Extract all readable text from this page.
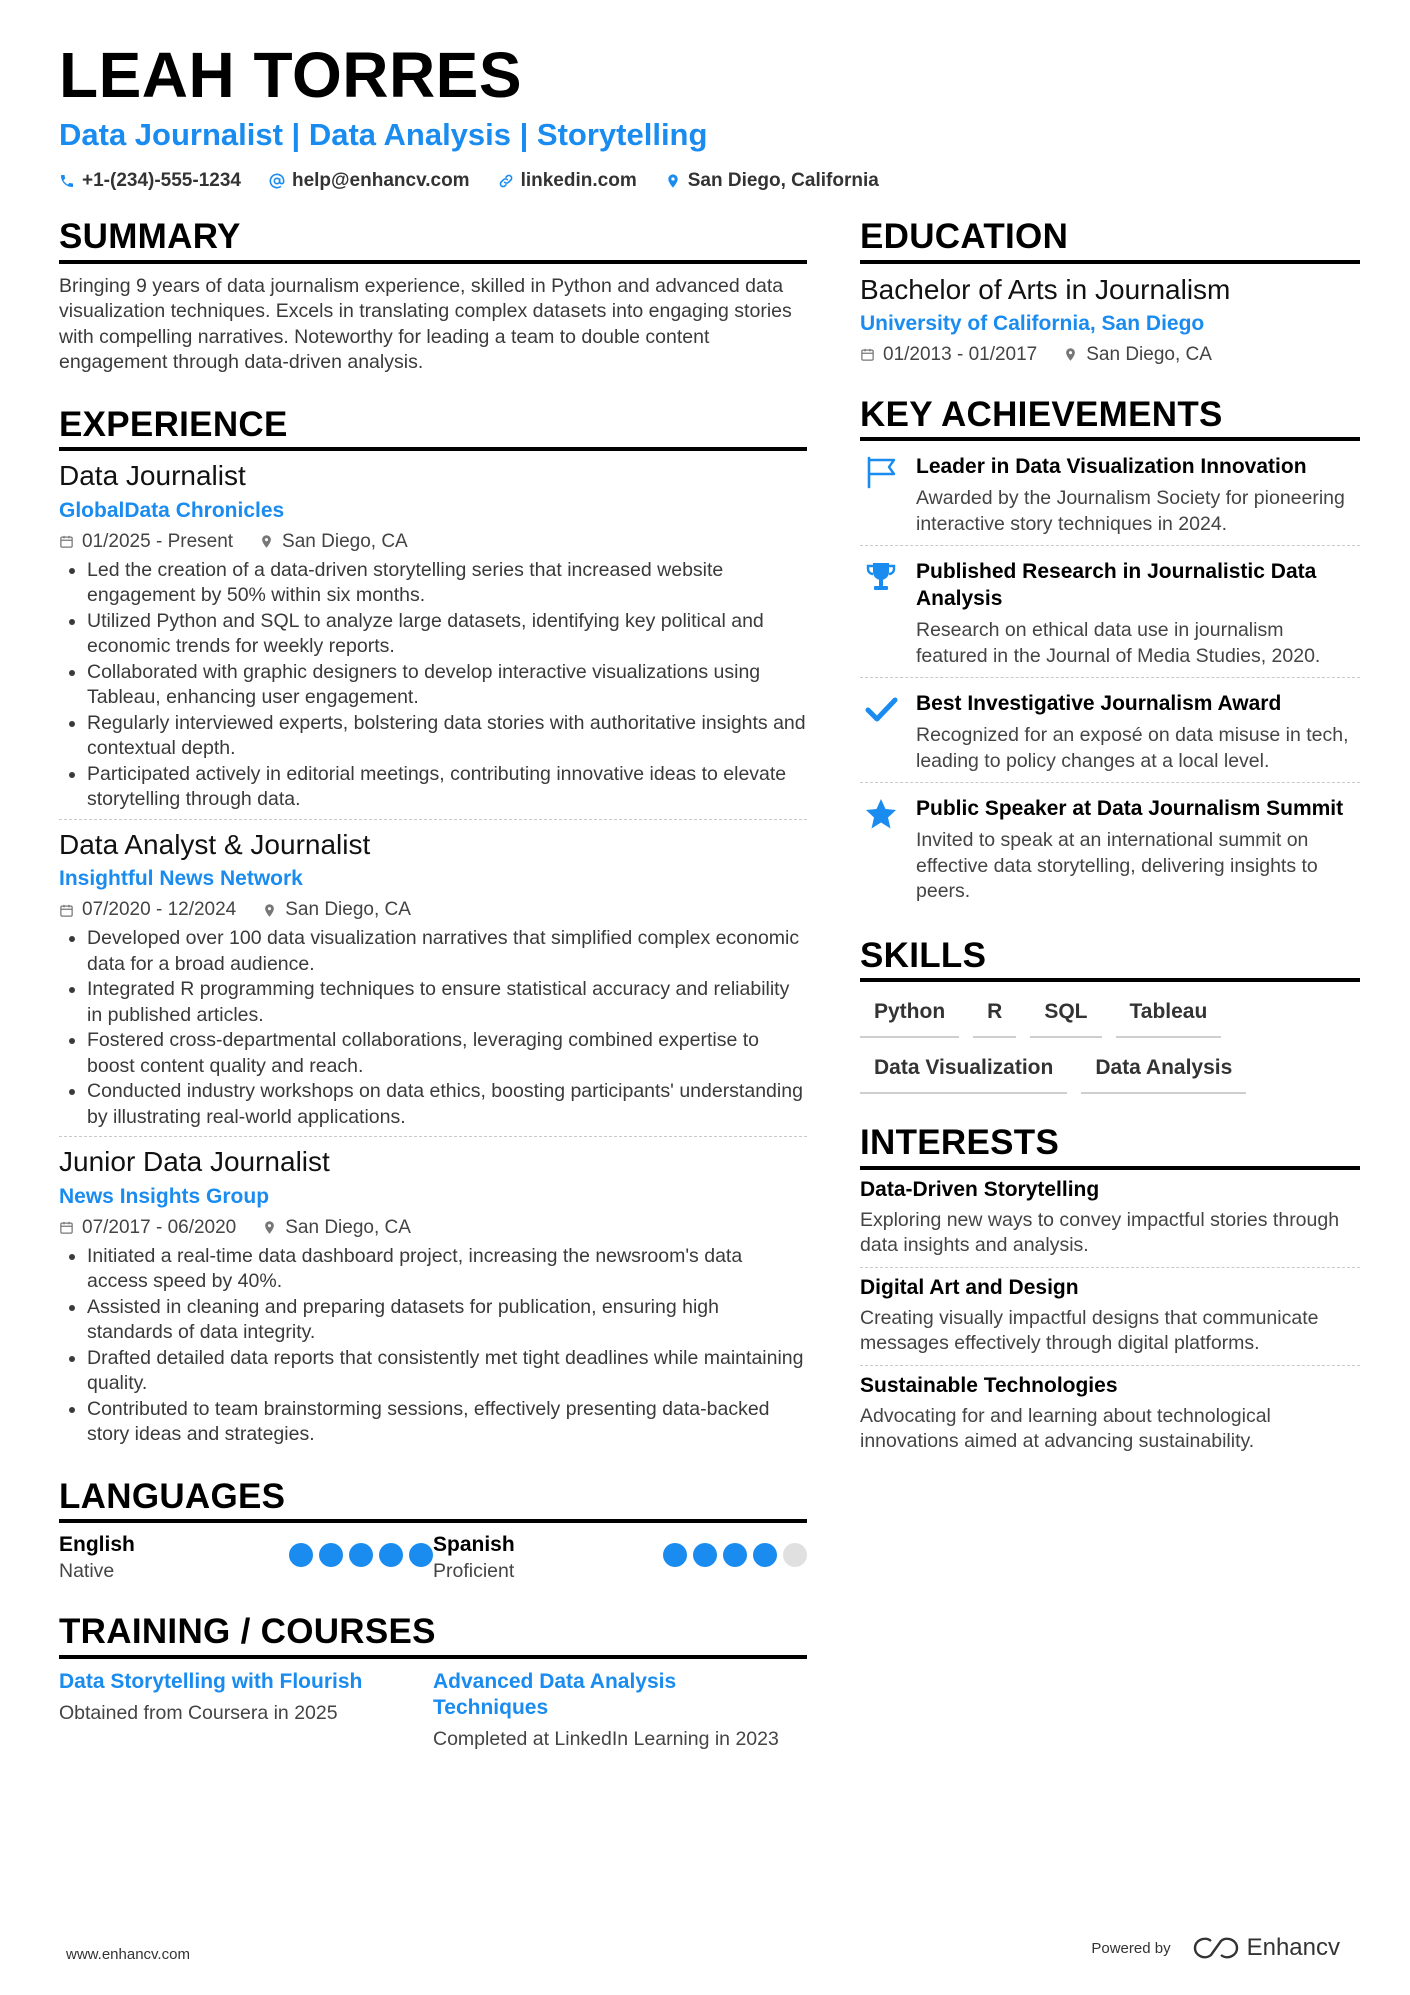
LEAH TORRES
Data Journalist | Data Analysis | Storytelling
+1-(234)-555-1234	help@enhancv.com	linkedin.com	San Diego, California
SUMMARY

Bringing 9 years of data journalism experience, skilled in Python and advanced data visualization techniques. Excels in translating complex datasets into engaging stories with compelling narratives. Noteworthy for leading a team to double content engagement through data-driven analysis.

EXPERIENCE
Data Journalist
GlobalData Chronicles
01/2025 - Present	San Diego, CA
• Led the creation of a data-driven storytelling series that increased website engagement by 50% within six months.
• Utilized Python and SQL to analyze large datasets, identifying key political and economic trends for weekly reports.
• Collaborated with graphic designers to develop interactive visualizations using Tableau, enhancing user engagement.
• Regularly interviewed experts, bolstering data stories with authoritative insights and contextual depth.
• Participated actively in editorial meetings, contributing innovative ideas to elevate storytelling through data.
Data Analyst & Journalist
Insightful News Network
07/2020 - 12/2024	San Diego, CA
• Developed over 100 data visualization narratives that simplified complex economic data for a broad audience.
• Integrated R programming techniques to ensure statistical accuracy and reliability in published articles.
• Fostered cross-departmental collaborations, leveraging combined expertise to boost content quality and reach.
• Conducted industry workshops on data ethics, boosting participants' understanding by illustrating real-world applications.
Junior Data Journalist
News Insights Group
07/2017 - 06/2020	San Diego, CA
• Initiated a real-time data dashboard project, increasing the newsroom's data access speed by 40%.
• Assisted in cleaning and preparing datasets for publication, ensuring high standards of data integrity.
• Drafted detailed data reports that consistently met tight deadlines while maintaining quality.
• Contributed to team brainstorming sessions, effectively presenting data-backed story ideas and strategies.
LANGUAGES
English
Native
Spanish
Proficient
TRAINING / COURSES
Data Storytelling with Flourish
Obtained from Coursera in 2025
Advanced Data Analysis Techniques
Completed at LinkedIn Learning in 2023
EDUCATION
Bachelor of Arts in Journalism
University of California, San Diego
01/2013 - 01/2017	San Diego, CA
KEY ACHIEVEMENTS
Leader in Data Visualization Innovation
Awarded by the Journalism Society for pioneering interactive story techniques in 2024.
Published Research in Journalistic Data Analysis
Research on ethical data use in journalism featured in the Journal of Media Studies, 2020.
Best Investigative Journalism Award
Recognized for an exposé on data misuse in tech, leading to policy changes at a local level.
Public Speaker at Data Journalism Summit
Invited to speak at an international summit on effective data storytelling, delivering insights to peers.
SKILLS
Python	R	SQL	Tableau
Data Visualization	Data Analysis
INTERESTS
Data-Driven Storytelling
Exploring new ways to convey impactful stories through data insights and analysis.
Digital Art and Design
Creating visually impactful designs that communicate messages effectively through digital platforms.
Sustainable Technologies
Advocating for and learning about technological innovations aimed at advancing sustainability.
www.enhancv.com	Powered by	Enhancv
